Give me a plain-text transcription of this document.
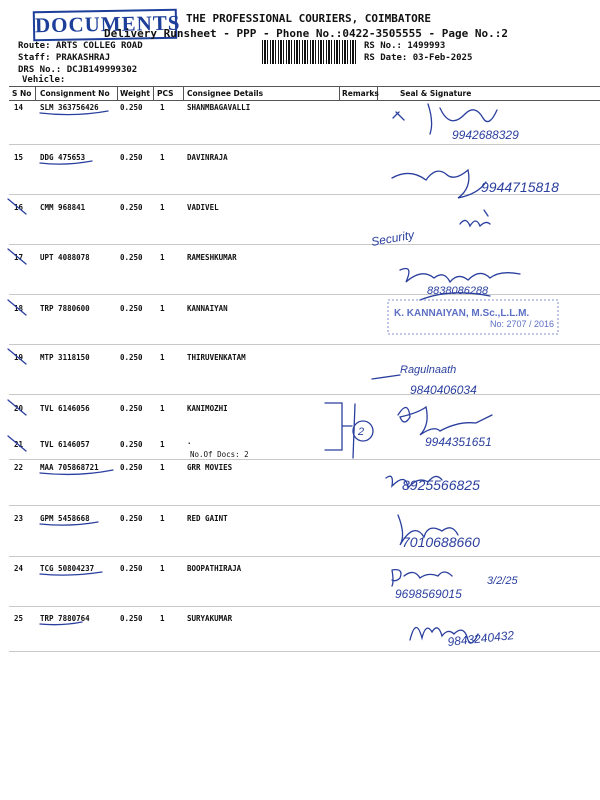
DOCUMENTS THE PROFESSIONAL COURIERS, COIMBATORE
Delivery Runsheet - PPP - Phone No.:0422-3505555 - Page No.:2
Route: ARTS COLLEG ROAD
Staff: PRAKASHRAJ
DRS No.: DCJB149999302
Vehicle:
RS No.: 1499993
RS Date: 03-Feb-2025
S No Consignment No Weight PCS Consignee Details	Remarks	Seal & Signature
14 SLM 363756426	0.250 1	SHANMBAGAVALLI
15 DDG 475653	0.250 1	DAVINRAJA
16 CMM 968841	0.250 1	VADIVEL
17 UPT 4088078	0.250 1	RAMESHKUMAR
18 TRP 7880600	0.250 1	KANNAIYAN
19 MTP 3118150	0.250 1	THIRUVENKATAM
20 TVL 6146056	0.250 1	KANIMOZHI
21 TVL 6146057	0.250 1	.
No.Of Docs: 2
22 MAA 705868721	0.250 1	GRR MOVIES
23 GPM 5458668	0.250 1	RED GAINT
24 TCG 50804237	0.250 1	BOOPATHIRAJA
25 TRP 7880764	0.250 1	SURYAKUMAR
9942688329
9944715818
Security
8838086288
K. KANNAIYAN, M.Sc.,L.L.M.
No: 2707 / 2016
Ragulnaath
9840406034
2
9944351651
8925566825
7010688660
3/2/25
9698569015
9843240432
